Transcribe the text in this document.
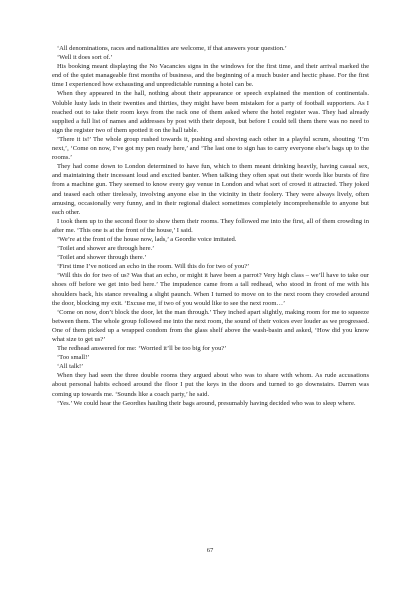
‘All denominations, races and nationalities are welcome, if that answers your question.’

‘Well it does sort of.’

His booking meant displaying the No Vacancies signs in the windows for the first time, and their arrival marked the end of the quiet manageable first months of business, and the beginning of a much busier and hectic phase. For the first time I experienced how exhausting and unpredictable running a hotel can be.

When they appeared in the hall, nothing about their appearance or speech explained the mention of continentals. Voluble lusty lads in their twenties and thirties, they might have been mistaken for a party of football supporters. As I reached out to take their room keys from the rack one of them asked where the hotel register was. They had already supplied a full list of names and addresses by post with their deposit, but before I could tell them there was no need to sign the register two of them spotted it on the hall table.

‘There it is!’ The whole group rushed towards it, pushing and shoving each other in a playful scrum, shouting ‘I’m next,’, ‘Come on now, I’ve got my pen ready here,’ and ‘The last one to sign has to carry everyone else’s bags up to the rooms.’

They had come down to London determined to have fun, which to them meant drinking heavily, having casual sex, and maintaining their incessant loud and excited banter. When talking they often spat out their words like bursts of fire from a machine gun. They seemed to know every gay venue in London and what sort of crowd it attracted. They joked and teased each other tirelessly, involving anyone else in the vicinity in their foolery. They were always lively, often amusing, occasionally very funny, and in their regional dialect sometimes completely incomprehensible to anyone but each other.

I took them up to the second floor to show them their rooms. They followed me into the first, all of them crowding in after me. ‘This one is at the front of the house,’ I said.

‘We’re at the front of the house now, lads,’ a Geordie voice imitated.

‘Toilet and shower are through here.’

‘Toilet and shower through there.’

‘First time I’ve noticed an echo in the room. Will this do for two of you?’

‘Will this do for two of us? Was that an echo, or might it have been a parrot? Very high class – we’ll have to take our shoes off before we get into bed here.’ The impudence came from a tall redhead, who stood in front of me with his shoulders back, his stance revealing a slight paunch. When I turned to move on to the next room they crowded around the door, blocking my exit. ‘Excuse me, if two of you would like to see the next room…’

‘Come on now, don’t block the door, let the man through.’ They inched apart slightly, making room for me to squeeze between them. The whole group followed me into the next room, the sound of their voices ever louder as we progressed. One of them picked up a wrapped condom from the glass shelf above the wash-basin and asked, ‘How did you know what size to get us?’

The redhead answered for me: ‘Worried it’ll be too big for you?’

‘Too small!’

‘All talk!’

When they had seen the three double rooms they argued about who was to share with whom. As rude accusations about personal habits echoed around the floor I put the keys in the doors and turned to go downstairs. Darren was coming up towards me. ‘Sounds like a coach party,’ he said.

‘Yes.’ We could hear the Geordies hauling their bags around, presumably having decided who was to sleep where.

67
